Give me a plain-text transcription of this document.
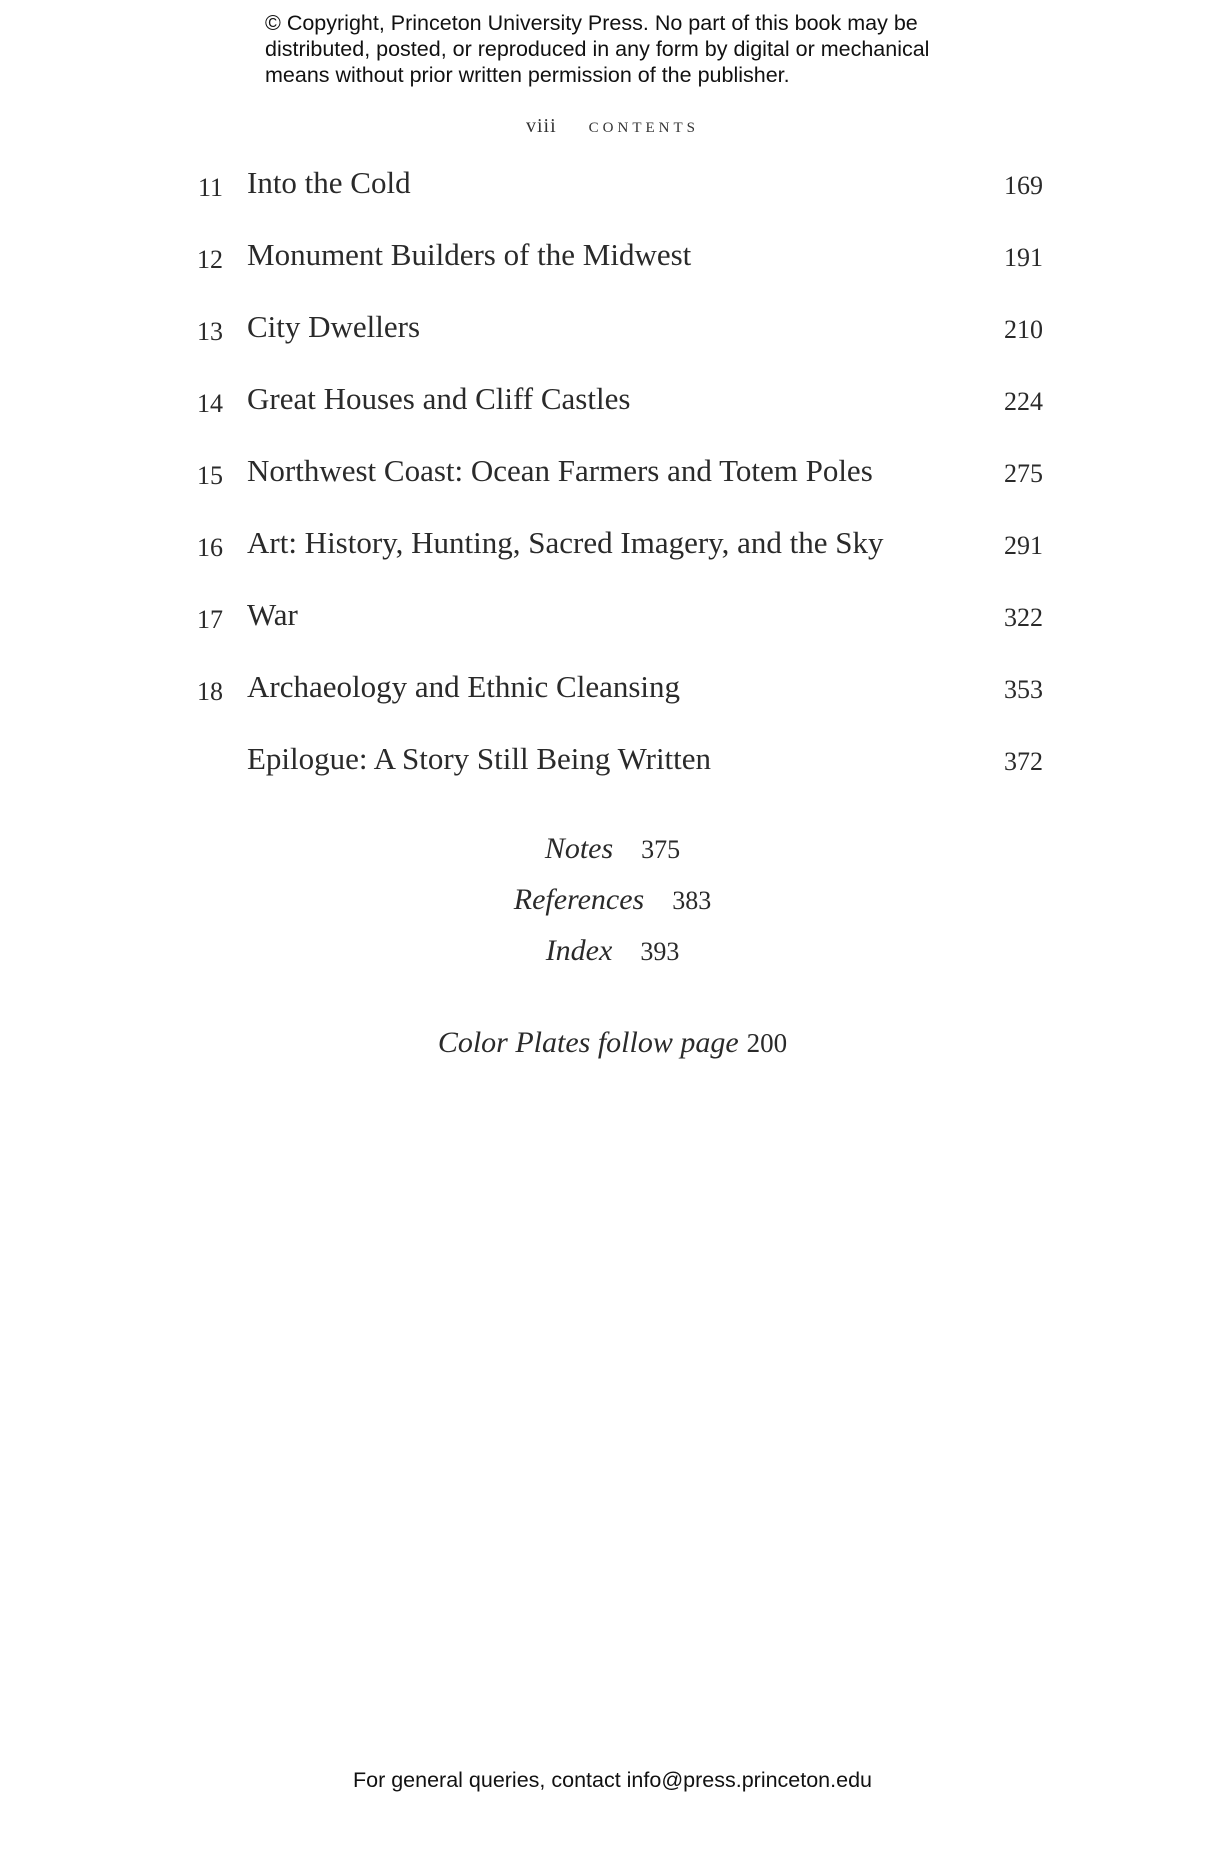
© Copyright, Princeton University Press. No part of this book may be
distributed, posted, or reproduced in any form by digital or mechanical
means without prior written permission of the publisher.
viii contents
11 Into the Cold	169
12 Monument Builders of the Midwest	191
13 City Dwellers	210
14 Great Houses and Cliff Castles	224
15 Northwest Coast: Ocean Farmers and Totem Poles	275
16 Art: History, Hunting, Sacred Imagery, and the Sky	291
17 War	322
18 Archaeology and Ethnic Cleansing	353
Epilogue: A Story Still Being Written	372
Notes 375
References 383
Index 393
Color Plates follow page 200
For general queries, contact info@press.princeton.edu
